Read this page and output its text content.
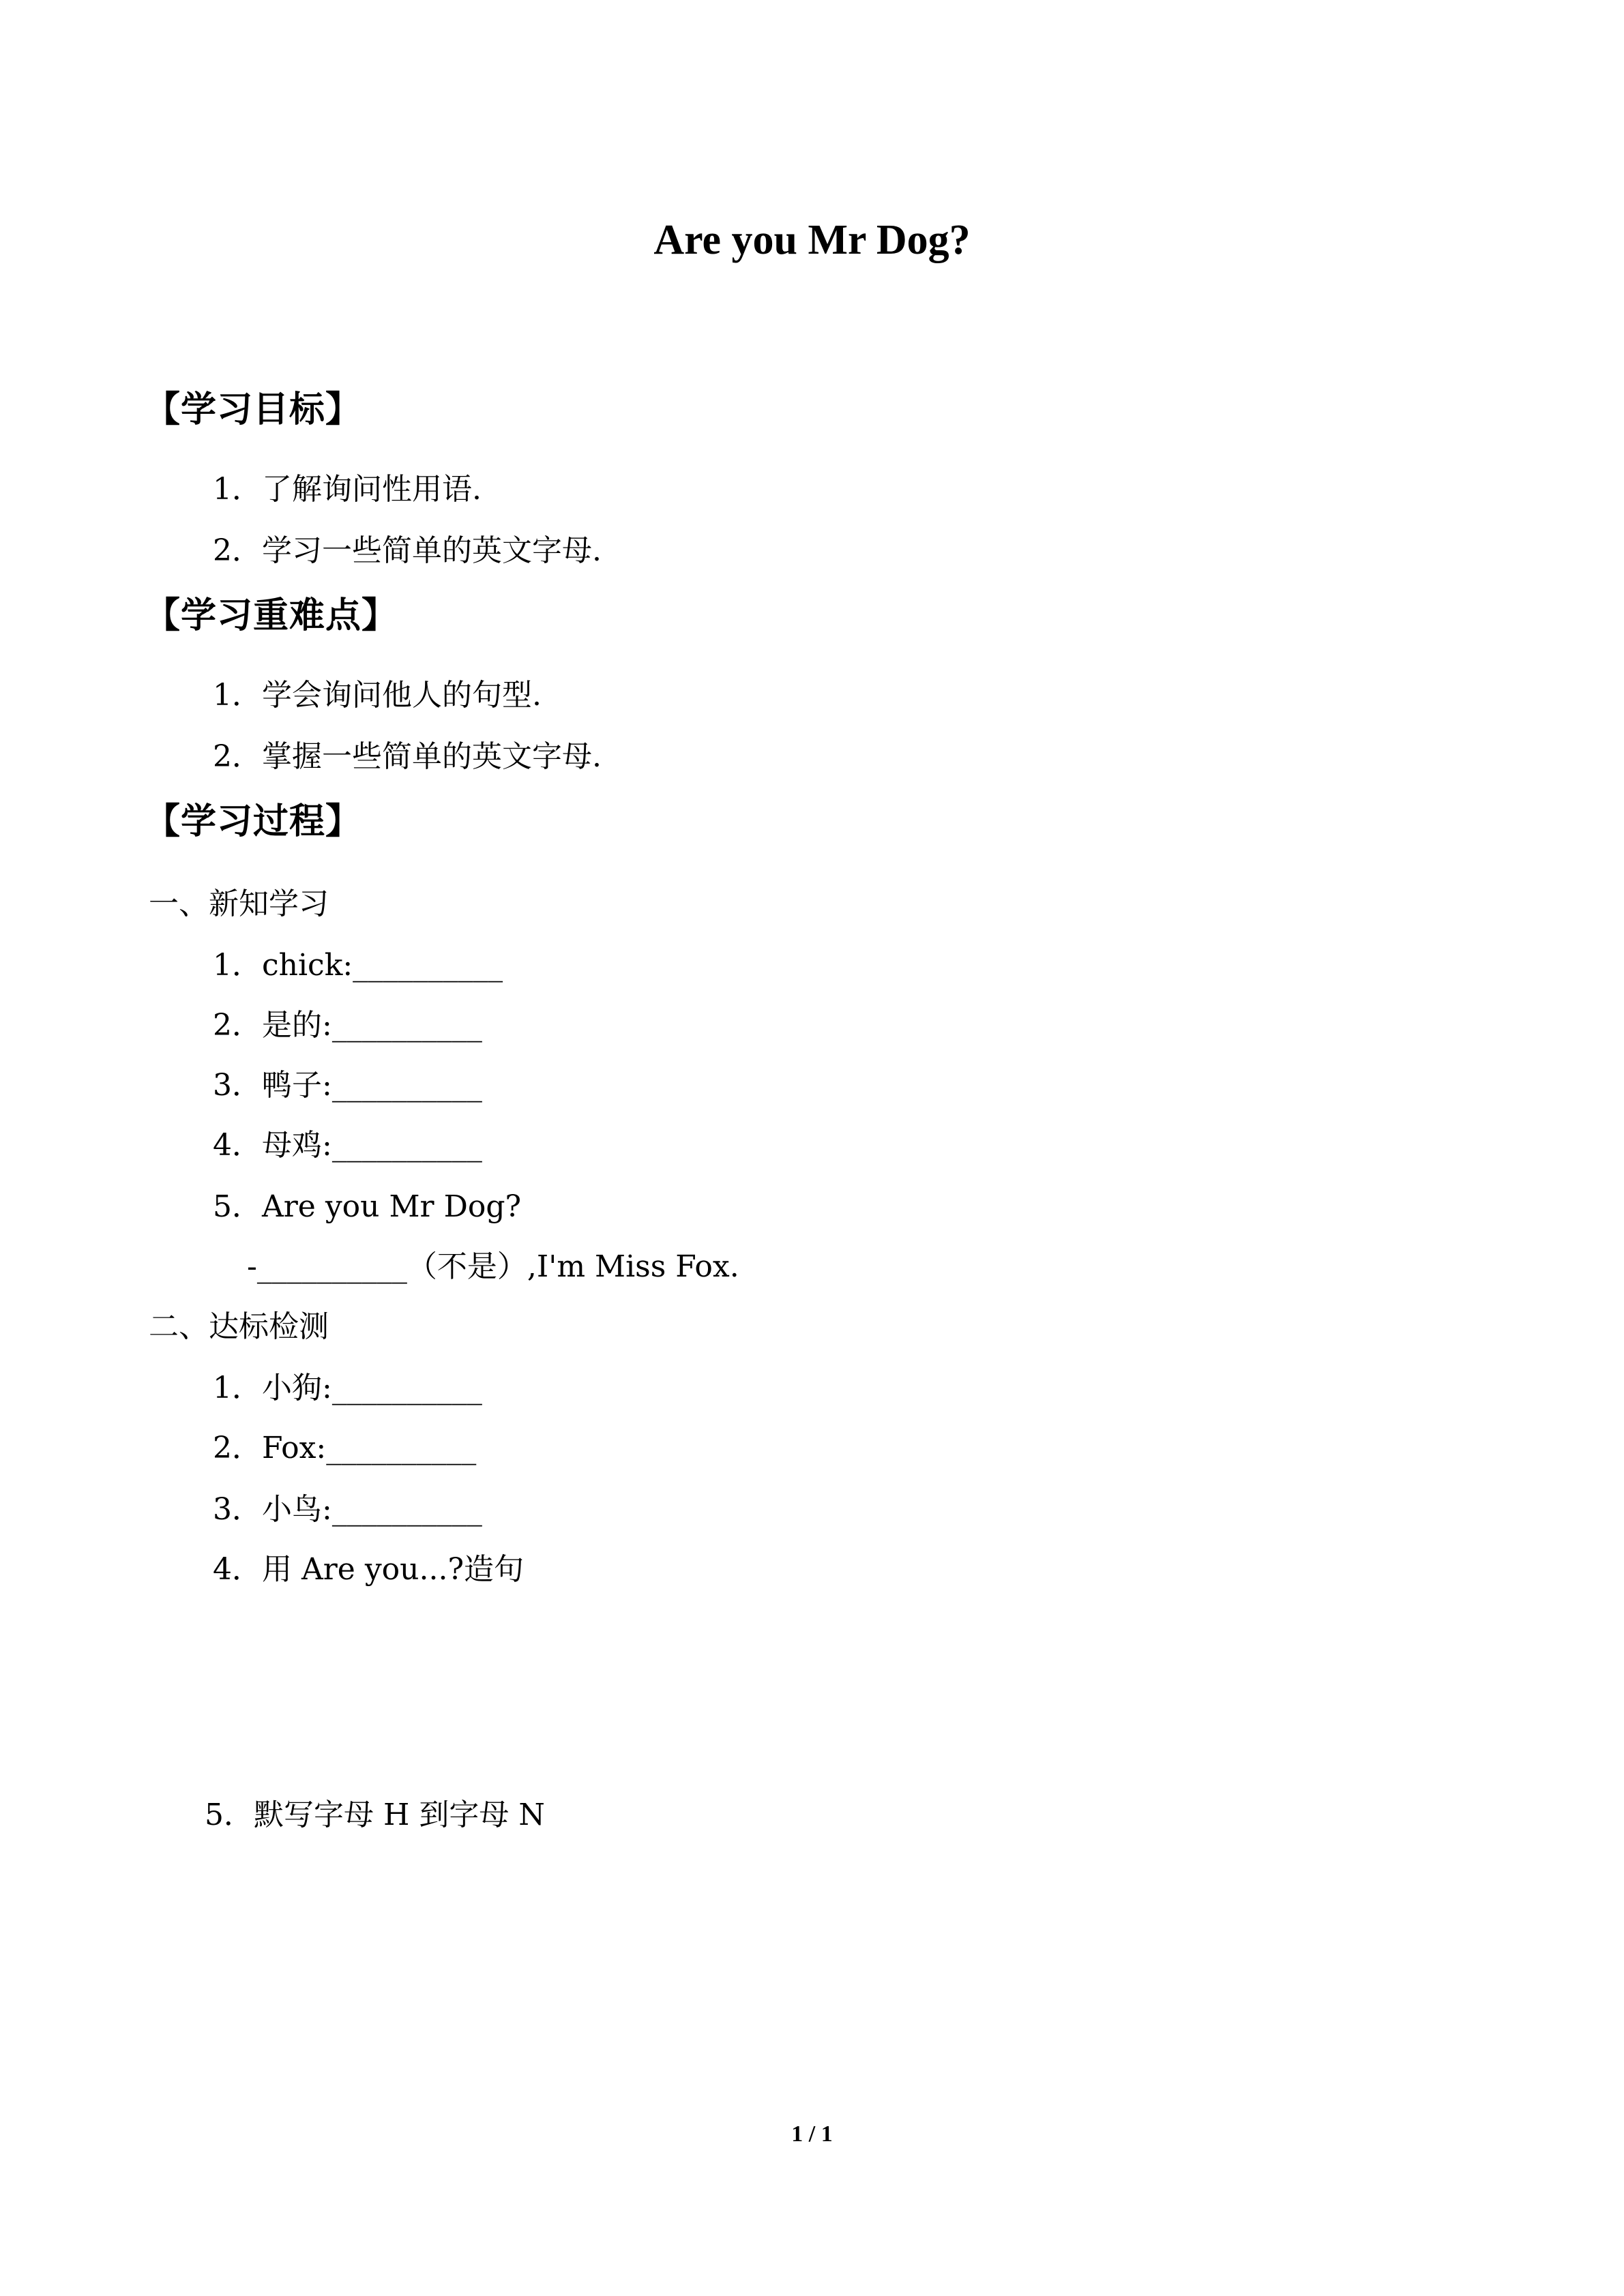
Are you Mr Dog?
【学习目标】
1．了解询问性用语.
2．学习一些简单的英文字母.
【学习重难点】
1．学会询问他人的句型.
2．掌握一些简单的英文字母.
【学习过程】
一、新知学习
1．chick:__________
2．是的:__________
3．鸭子:__________
4．母鸡:__________
5．Are you Mr Dog?
-__________（不是）,I'm Miss Fox.
二、达标检测
1．小狗:__________
2．Fox:__________
3．小鸟:__________
4．用 Are you...?造句
5．默写字母 H 到字母 N
1 / 1
